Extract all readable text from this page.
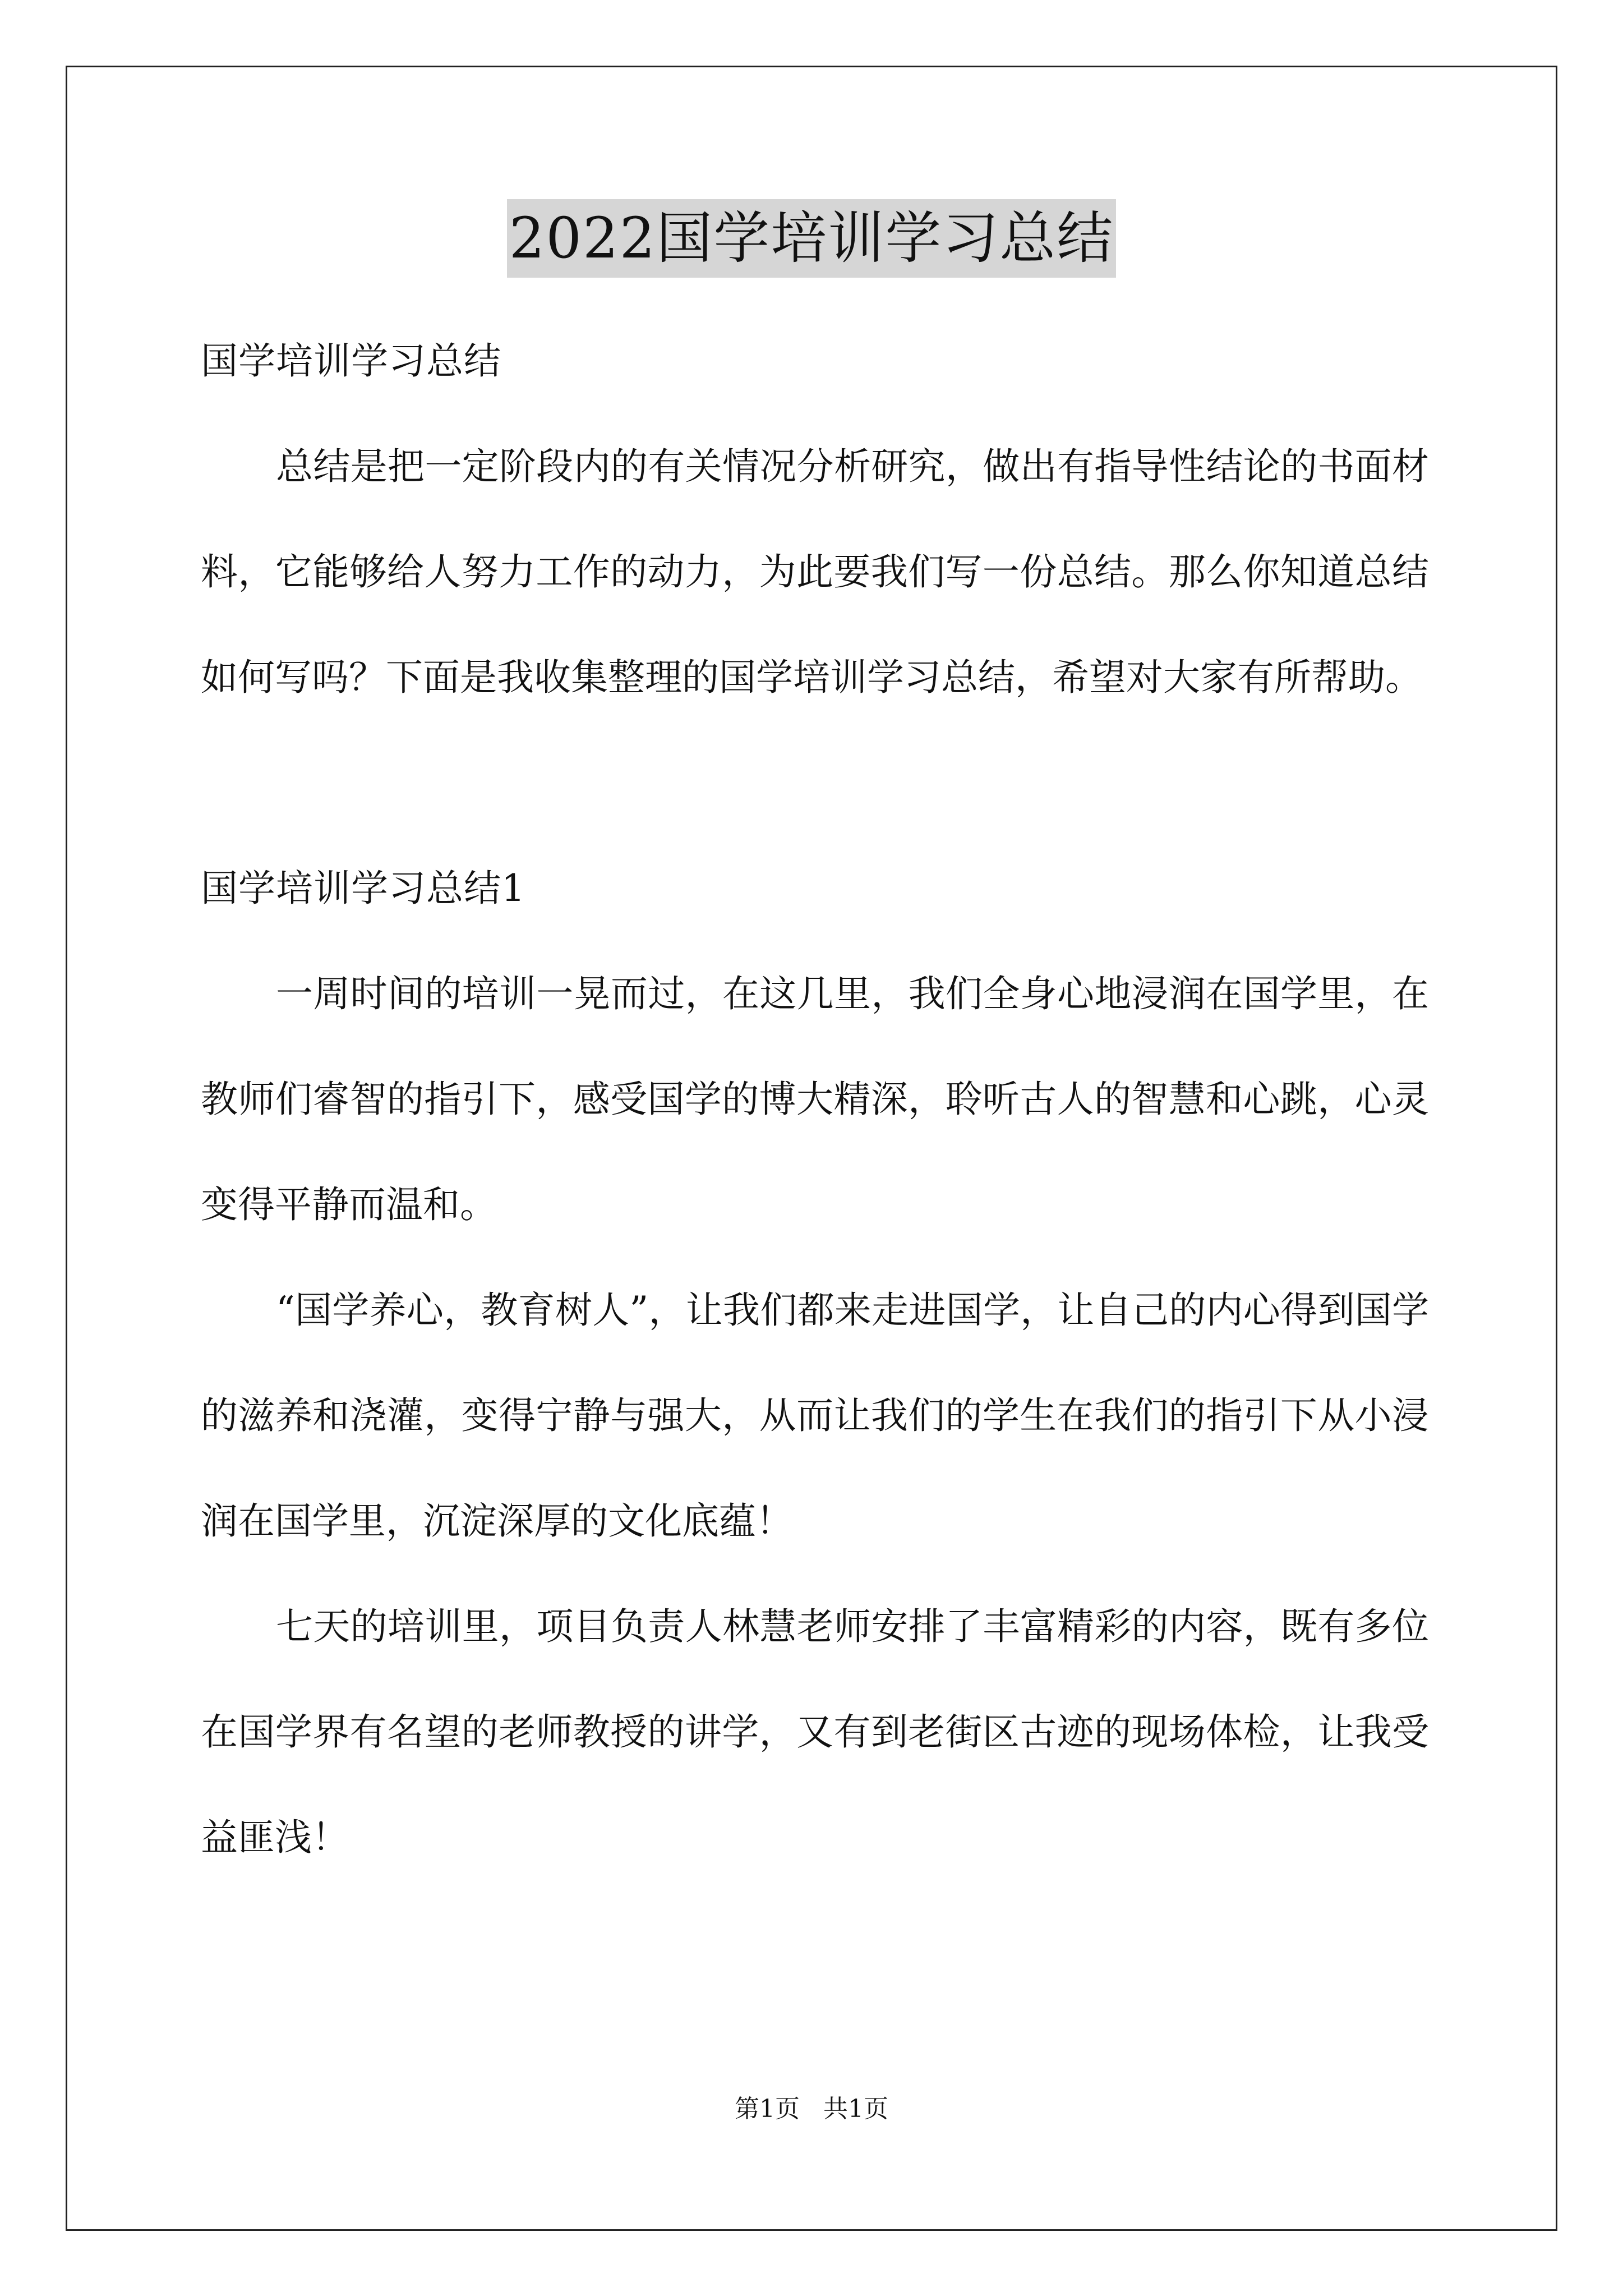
2022国学培训学习总结

国学培训学习总结

总结是把一定阶段内的有关情况分析研究，做出有指导性结论的书面材料，它能够给人努力工作的动力，为此要我们写一份总结。那么你知道总结如何写吗？下面是我收集整理的国学培训学习总结，希望对大家有所帮助。

国学培训学习总结1

一周时间的培训一晃而过，在这几里，我们全身心地浸润在国学里，在教师们睿智的指引下，感受国学的博大精深，聆听古人的智慧和心跳，心灵变得平静而温和。

“国学养心，教育树人”，让我们都来走进国学，让自己的内心得到国学的滋养和浇灌，变得宁静与强大，从而让我们的学生在我们的指引下从小浸润在国学里，沉淀深厚的文化底蕴！

七天的培训里，项目负责人林慧老师安排了丰富精彩的内容，既有多位在国学界有名望的老师教授的讲学，又有到老街区古迹的现场体检，让我受益匪浅！

第1页 共1页
